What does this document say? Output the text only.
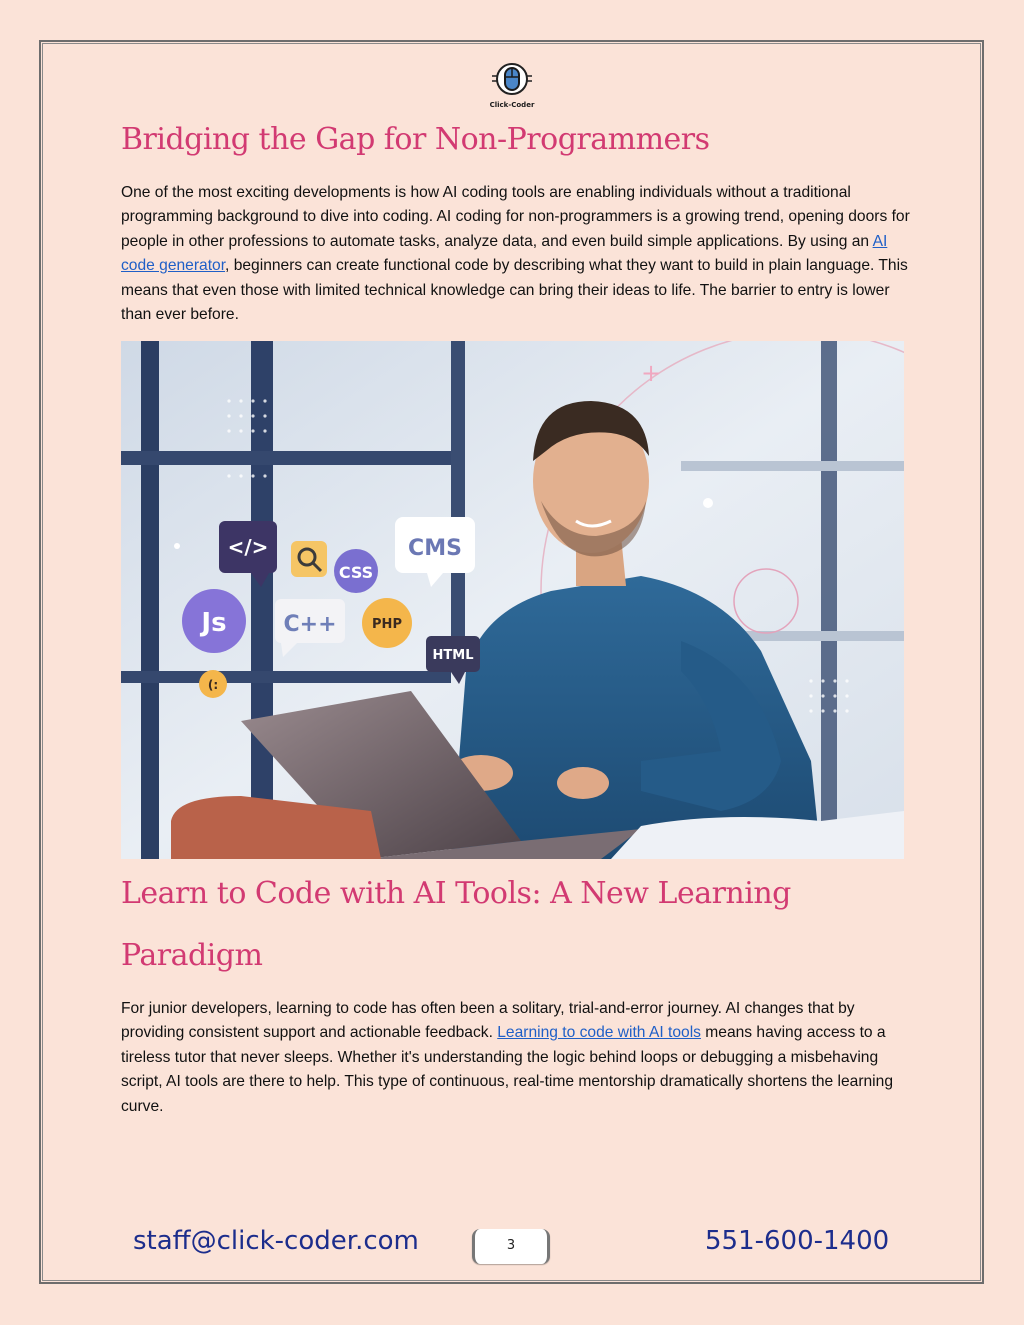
Click-Coder
Bridging the Gap for Non-Programmers

One of the most exciting developments is how AI coding tools are enabling individuals without a traditional programming background to dive into coding. AI coding for non-programmers is a growing trend, opening doors for people in other professions to automate tasks, analyze data, and even build simple applications. By using an AI code generator, beginners can create functional code by describing what they want to build in plain language. This means that even those with limited technical knowledge can bring their ideas to life. The barrier to entry is lower than ever before.

+
</>	CMS
CSS
Js	C++	PHP
HTML
(:
Learn to Code with AI Tools: A New Learning
Paradigm

For junior developers, learning to code has often been a solitary, trial-and-error journey. AI changes that by providing consistent support and actionable feedback. Learning to code with AI tools means having access to a tireless tutor that never sleeps. Whether it's understanding the logic behind loops or debugging a misbehaving script, AI tools are there to help. This type of continuous, real-time mentorship dramatically shortens the learning curve.

staff@click-coder.com	3	551-600-1400
